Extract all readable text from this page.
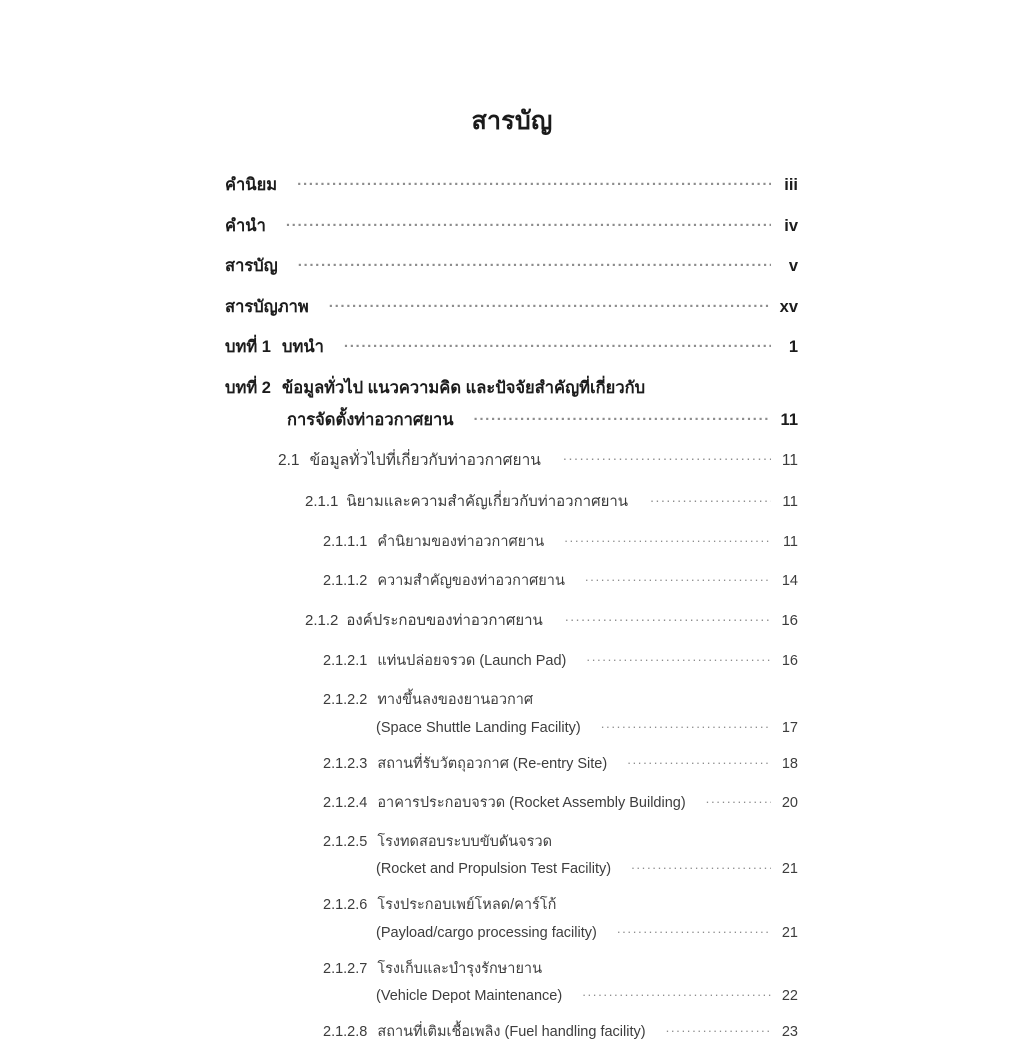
สารบัญ
คำนิยม .....	iii
คำนำ .....	iv
สารบัญ .....	v
สารบัญภาพ .....	xv
บทที่ 1 บทนำ .....	1
บทที่ 2 ข้อมูลทั่วไป แนวความคิด และปัจจัยสำคัญที่เกี่ยวกับ
การจัดตั้งท่าอวกาศยาน .....	11
2.1 ข้อมูลทั่วไปที่เกี่ยวกับท่าอวกาศยาน .....	11
2.1.1 นิยามและความสำคัญเกี่ยวกับท่าอวกาศยาน .....	11
2.1.1.1 คำนิยามของท่าอวกาศยาน .....	11
2.1.1.2 ความสำคัญของท่าอวกาศยาน .....	14
2.1.2 องค์ประกอบของท่าอวกาศยาน .....	16
2.1.2.1 แท่นปล่อยจรวด (Launch Pad) .....	16
2.1.2.2 ทางขึ้นลงของยานอวกาศ
(Space Shuttle Landing Facility) .....	17
2.1.2.3 สถานที่รับวัตถุอวกาศ (Re-entry Site) .....	18
2.1.2.4 อาคารประกอบจรวด (Rocket Assembly Building) .....	20
2.1.2.5 โรงทดสอบระบบขับดันจรวด
(Rocket and Propulsion Test Facility) .....	21
2.1.2.6 โรงประกอบเพย์โหลด/คาร์โก้
(Payload/cargo processing facility) .....	21
2.1.2.7 โรงเก็บและบำรุงรักษายาน
(Vehicle Depot Maintenance) .....	22
2.1.2.8 สถานที่เติมเชื้อเพลิง (Fuel handling facility) .....	23
